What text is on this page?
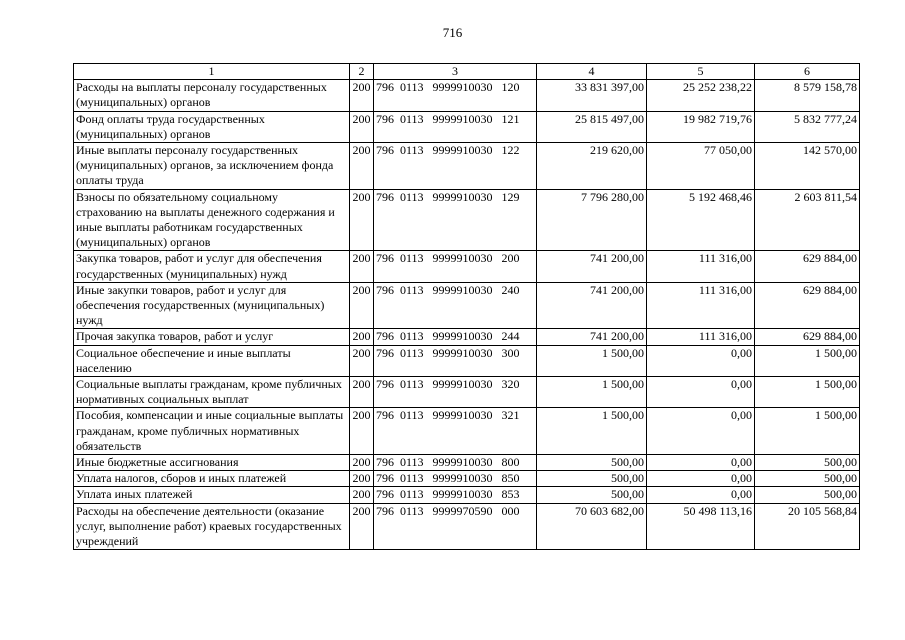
716
1	2	3	4	5	6
Расходы на выплаты персоналу государственных (муниципальных) органов	200	796  0113   9999910030   120	33 831 397,00	25 252 238,22	8 579 158,78
Фонд оплаты труда государственных (муниципальных) органов	200	796  0113   9999910030   121	25 815 497,00	19 982 719,76	5 832 777,24
Иные выплаты персоналу государственных (муниципальных) органов, за исключением фонда оплаты труда	200	796  0113   9999910030   122	219 620,00	77 050,00	142 570,00
Взносы по обязательному социальному страхованию на выплаты денежного содержания и иные выплаты работникам государственных (муниципальных) органов	200	796  0113   9999910030   129	7 796 280,00	5 192 468,46	2 603 811,54
Закупка товаров, работ и услуг для обеспечения государственных (муниципальных) нужд	200	796  0113   9999910030   200	741 200,00	111 316,00	629 884,00
Иные закупки товаров, работ и услуг для обеспечения государственных (муниципальных) нужд	200	796  0113   9999910030   240	741 200,00	111 316,00	629 884,00
Прочая закупка товаров, работ и услуг	200	796  0113   9999910030   244	741 200,00	111 316,00	629 884,00
Социальное обеспечение и иные выплаты населению	200	796  0113   9999910030   300	1 500,00	0,00	1 500,00
Социальные выплаты гражданам, кроме публичных нормативных социальных выплат	200	796  0113   9999910030   320	1 500,00	0,00	1 500,00
Пособия, компенсации и иные социальные выплаты гражданам, кроме публичных нормативных обязательств	200	796  0113   9999910030   321	1 500,00	0,00	1 500,00
Иные бюджетные ассигнования	200	796  0113   9999910030   800	500,00	0,00	500,00
Уплата налогов, сборов и иных платежей	200	796  0113   9999910030   850	500,00	0,00	500,00
Уплата иных платежей	200	796  0113   9999910030   853	500,00	0,00	500,00
Расходы на обеспечение деятельности (оказание услуг, выполнение работ) краевых государственных учреждений	200	796  0113   9999970590   000	70 603 682,00	50 498 113,16	20 105 568,84
